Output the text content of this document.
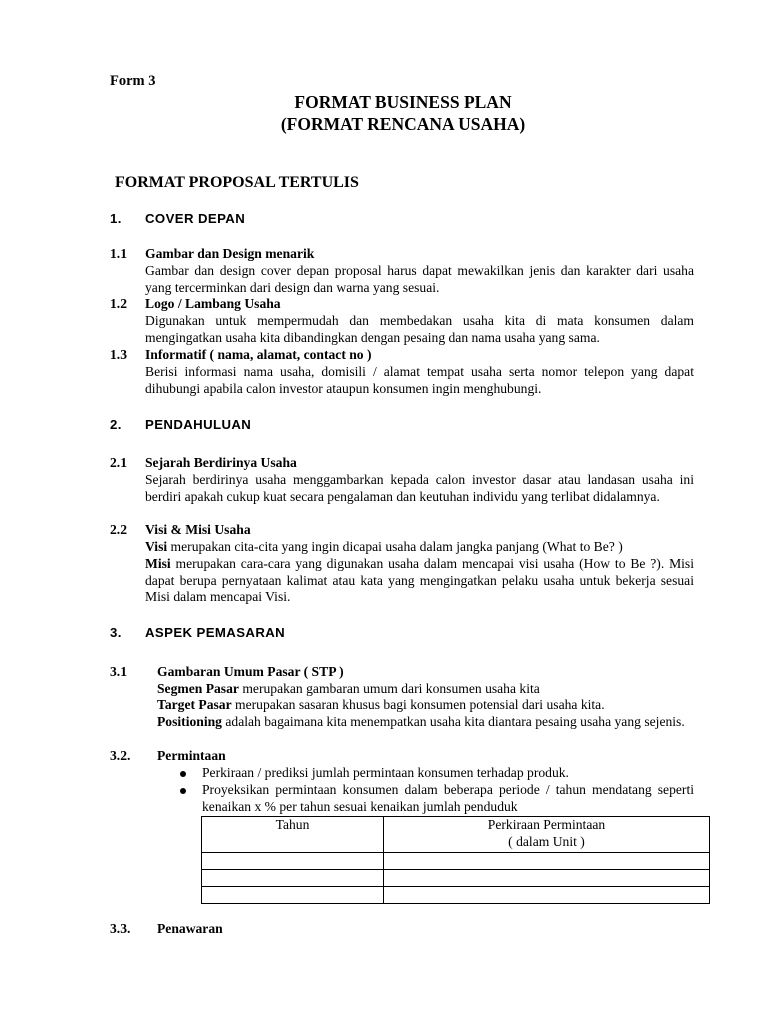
Form 3
FORMAT BUSINESS PLAN
(FORMAT RENCANA USAHA)
FORMAT PROPOSAL TERTULIS
1. COVER DEPAN
1.1 Gambar dan Design menarik
Gambar dan design cover depan proposal harus dapat mewakilkan jenis dan karakter dari usaha yang tercerminkan dari design dan warna yang sesuai.
1.2 Logo / Lambang Usaha
Digunakan untuk mempermudah dan membedakan usaha kita di mata konsumen dalam mengingatkan usaha kita dibandingkan dengan pesaing dan nama usaha yang sama.
1.3 Informatif ( nama, alamat, contact no )
Berisi informasi nama usaha, domisili / alamat tempat usaha serta nomor telepon yang dapat dihubungi apabila calon investor ataupun konsumen ingin menghubungi.
2. PENDAHULUAN
2.1 Sejarah Berdirinya Usaha
Sejarah berdirinya usaha menggambarkan kepada calon investor dasar atau landasan usaha ini berdiri apakah cukup kuat secara pengalaman dan keutuhan individu yang terlibat didalamnya.
2.2 Visi & Misi Usaha
Visi merupakan cita-cita yang ingin dicapai usaha dalam jangka panjang (What to Be? )
Misi merupakan cara-cara yang digunakan usaha dalam mencapai visi usaha (How to Be ?). Misi dapat berupa pernyataan kalimat atau kata yang mengingatkan pelaku usaha untuk bekerja sesuai Misi dalam mencapai Visi.
3. ASPEK PEMASARAN
3.1 Gambaran Umum Pasar ( STP )
Segmen Pasar merupakan gambaran umum dari konsumen usaha kita
Target Pasar merupakan sasaran khusus bagi konsumen potensial dari usaha kita.
Positioning adalah bagaimana kita menempatkan usaha kita diantara pesaing usaha yang sejenis.
3.2. Permintaan
Perkiraan / prediksi jumlah permintaan konsumen terhadap produk.
Proyeksikan permintaan konsumen dalam beberapa periode / tahun mendatang seperti kenaikan x % per tahun sesuai kenaikan jumlah penduduk
Tahun	Perkiraan Permintaan
( dalam Unit )

3.3. Penawaran
